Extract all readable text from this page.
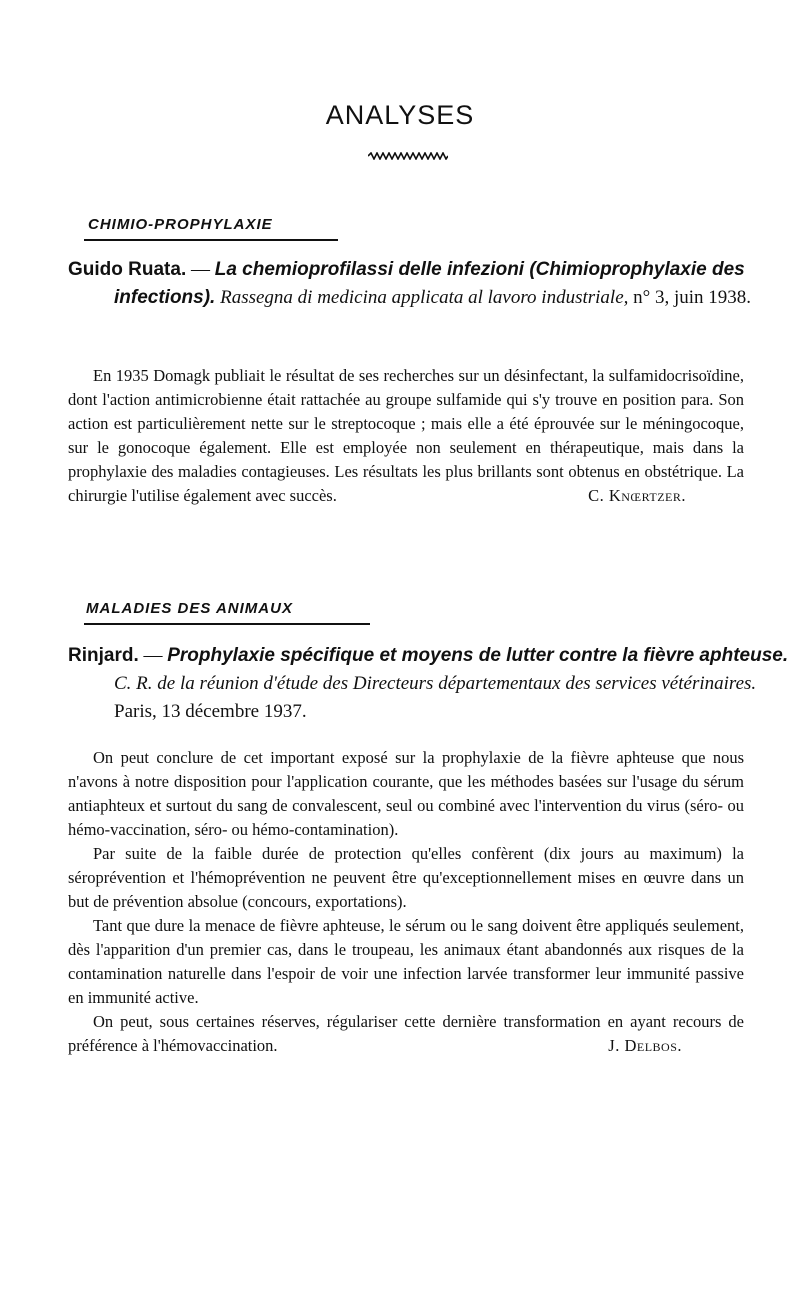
ANALYSES
CHIMIO-PROPHYLAXIE
Guido Ruata. — La chemioprofilassi delle infezioni (Chimioprophylaxie des infections). Rassegna di medicina applicata al lavoro industriale, n° 3, juin 1938.

En 1935 Domagk publiait le résultat de ses recherches sur un désinfectant, la sulfamidocrisoïdine, dont l'action antimicrobienne était rattachée au groupe sulfamide qui s'y trouve en position para. Son action est particulièrement nette sur le streptocoque ; mais elle a été éprouvée sur le méningocoque, sur le gonocoque également. Elle est employée non seulement en thérapeutique, mais dans la prophylaxie des maladies contagieuses. Les résultats les plus brillants sont obtenus en obstétrique. La chirurgie l'utilise également avec succès.	C. Knœrtzer.
MALADIES DES ANIMAUX
Rinjard. — Prophylaxie spécifique et moyens de lutter contre la fièvre aphteuse. C. R. de la réunion d'étude des Directeurs départementaux des services vétérinaires. Paris, 13 décembre 1937.

On peut conclure de cet important exposé sur la prophylaxie de la fièvre aphteuse que nous n'avons à notre disposition pour l'application courante, que les méthodes basées sur l'usage du sérum antiaphteux et surtout du sang de convalescent, seul ou combiné avec l'intervention du virus (séro- ou hémo-vaccination, séro- ou hémo-contamination).

Par suite de la faible durée de protection qu'elles confèrent (dix jours au maximum) la séroprévention et l'hémoprévention ne peuvent être qu'exceptionnellement mises en œuvre dans un but de prévention absolue (concours, exportations).

Tant que dure la menace de fièvre aphteuse, le sérum ou le sang doivent être appliqués seulement, dès l'apparition d'un premier cas, dans le troupeau, les animaux étant abandonnés aux risques de la contamination naturelle dans l'espoir de voir une infection larvée transformer leur immunité passive en immunité active.

On peut, sous certaines réserves, régulariser cette dernière transformation en ayant recours de préférence à l'hémovaccination.	J. Delbos.
